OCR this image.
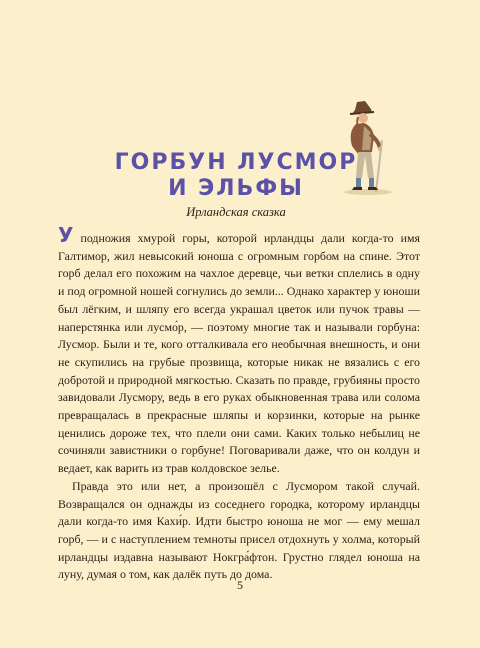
ГОРБУН ЛУСМОР
И ЭЛЬФЫ
Ирландская сказка

У подножия хмурой горы, которой ирландцы дали когда-то имя Галтимор, жил невысокий юноша с огромным горбом на спине. Этот горб делал его похожим на чахлое деревце, чьи ветки сплелись в одну и под огромной ношей согнулись до земли... Однако характер у юноши был лёгким, и шляпу его всегда украшал цветок или пучок травы — наперстянка или лусмо́р, — поэтому многие так и называли горбуна: Лусмор. Были и те, кого отталкивала его необычная внешность, и они не скупились на грубые прозвища, которые никак не вязались с его добротой и природной мягкостью. Сказать по правде, грубияны просто завидовали Лусмору, ведь в его руках обыкновенная трава или солома превращалась в прекрасные шляпы и корзинки, которые на рынке ценились дороже тех, что плели они сами. Каких только небылиц не сочиняли завистники о горбуне! Поговаривали даже, что он колдун и ведает, как варить из трав колдовское зелье.

Правда это или нет, а произошёл с Лусмором такой случай. Возвращался он однажды из соседнего городка, которому ирландцы дали когда-то имя Кахи́р. Идти быстро юноша не мог — ему мешал горб, — и с наступлением темноты присел отдохнуть у холма, который ирландцы издавна называют Нокгра́фтон. Грустно глядел юноша на луну, думая о том, как далёк путь до дома.

5
